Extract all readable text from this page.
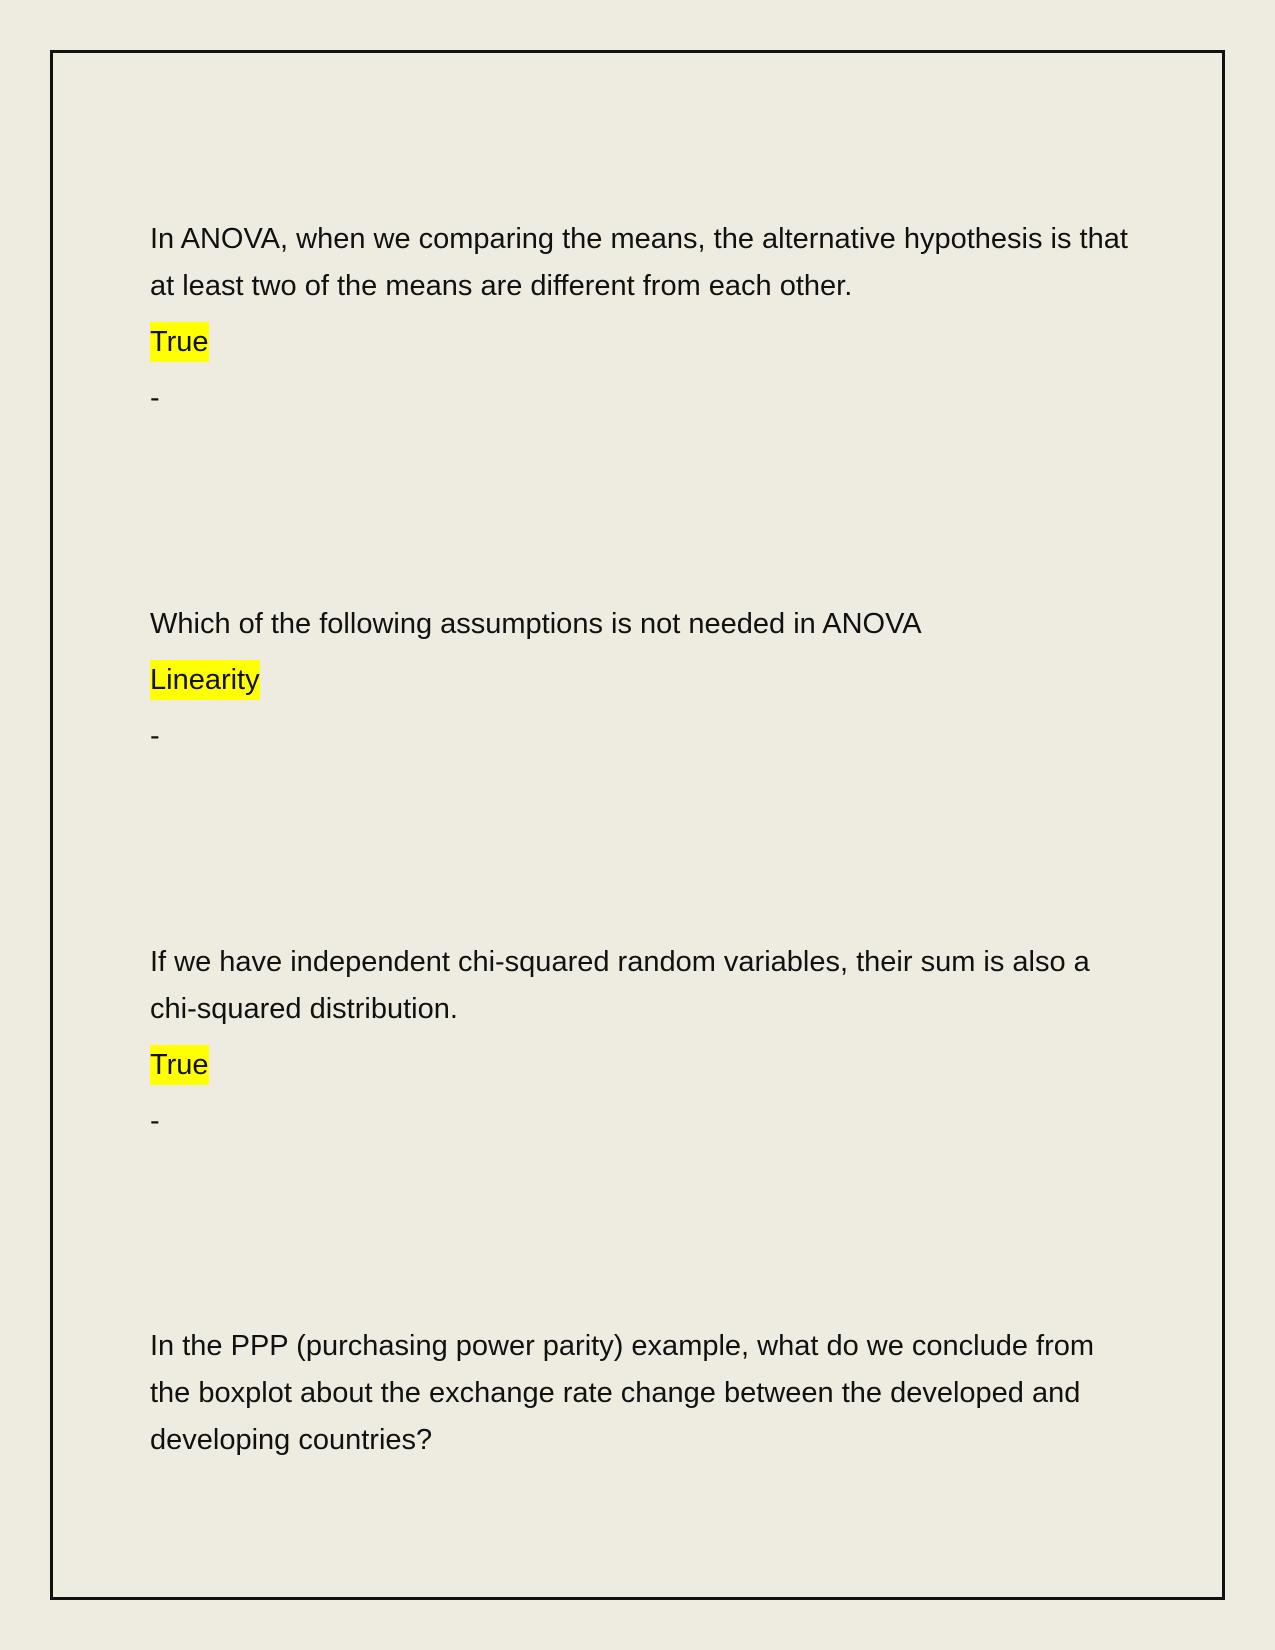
In ANOVA, when we comparing the means, the alternative hypothesis is that at least two of the means are different from each other.

True
-

Which of the following assumptions is not needed in ANOVA

Linearity
-

If we have independent chi-squared random variables, their sum is also a chi-squared distribution.

True
-

In the PPP (purchasing power parity) example, what do we conclude from the boxplot about the exchange rate change between the developed and developing countries?
